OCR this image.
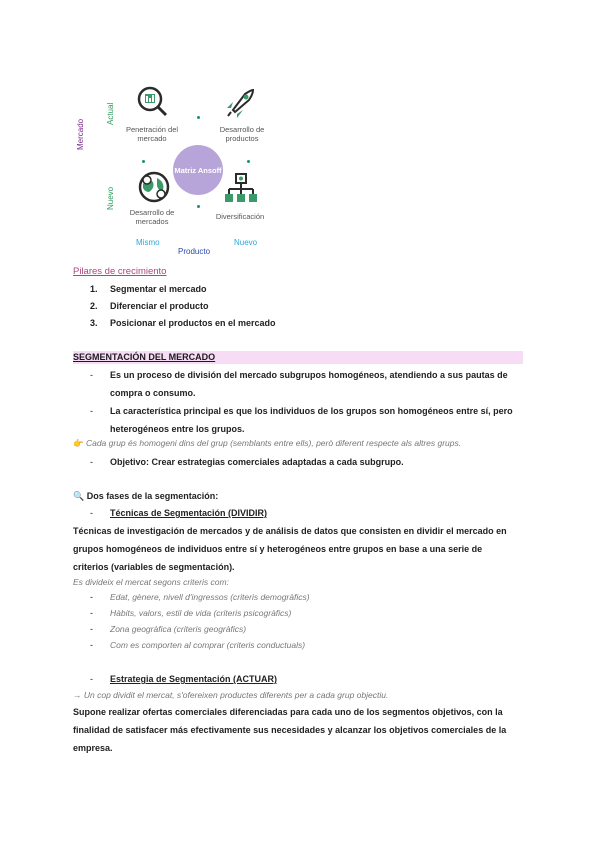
Mercado
Actual
Nuevo
Penetración del mercado
Desarrollo de productos
Desarrollo de mercados
Diversificación
Matriz Ansoff
Mismo	Nuevo
Producto
Pilares de crecimiento
1. Segmentar el mercado
2. Diferenciar el producto
3. Posicionar el productos en el mercado
SEGMENTACIÓN DEL MERCADO
- Es un proceso de división del mercado subgrupos homogéneos, atendiendo a sus pautas de
compra o consumo.
- La característica principal es que los individuos de los grupos son homogéneos entre sí, pero
heterogéneos entre los grupos.
👉 Cada grup és homogeni dins del grup (semblants entre ells), però diferent respecte als altres grups.
- Objetivo: Crear estrategias comerciales adaptadas a cada subgrupo.
🔍 Dos fases de la segmentación:
- Técnicas de Segmentación (DIVIDIR)
Técnicas de investigación de mercados y de análisis de datos que consisten en dividir el mercado en
grupos homogéneos de individuos entre sí y heterogéneos entre grupos en base a una serie de
criterios (variables de segmentación).
Es divideix el mercat segons criteris com:
- Edat, gènere, nivell d'ingressos (criteris demogràfics)
- Hàbits, valors, estil de vida (criteris psicogràfics)
- Zona geogràfica (criteris geogràfics)
- Com es comporten al comprar (criteris conductuals)
- Estrategia de Segmentación (ACTUAR)
→ Un cop dividit el mercat, s'ofereixen productes diferents per a cada grup objectiu.
Supone realizar ofertas comerciales diferenciadas para cada uno de los segmentos objetivos, con la
finalidad de satisfacer más efectivamente sus necesidades y alcanzar los objetivos comerciales de la
empresa.
